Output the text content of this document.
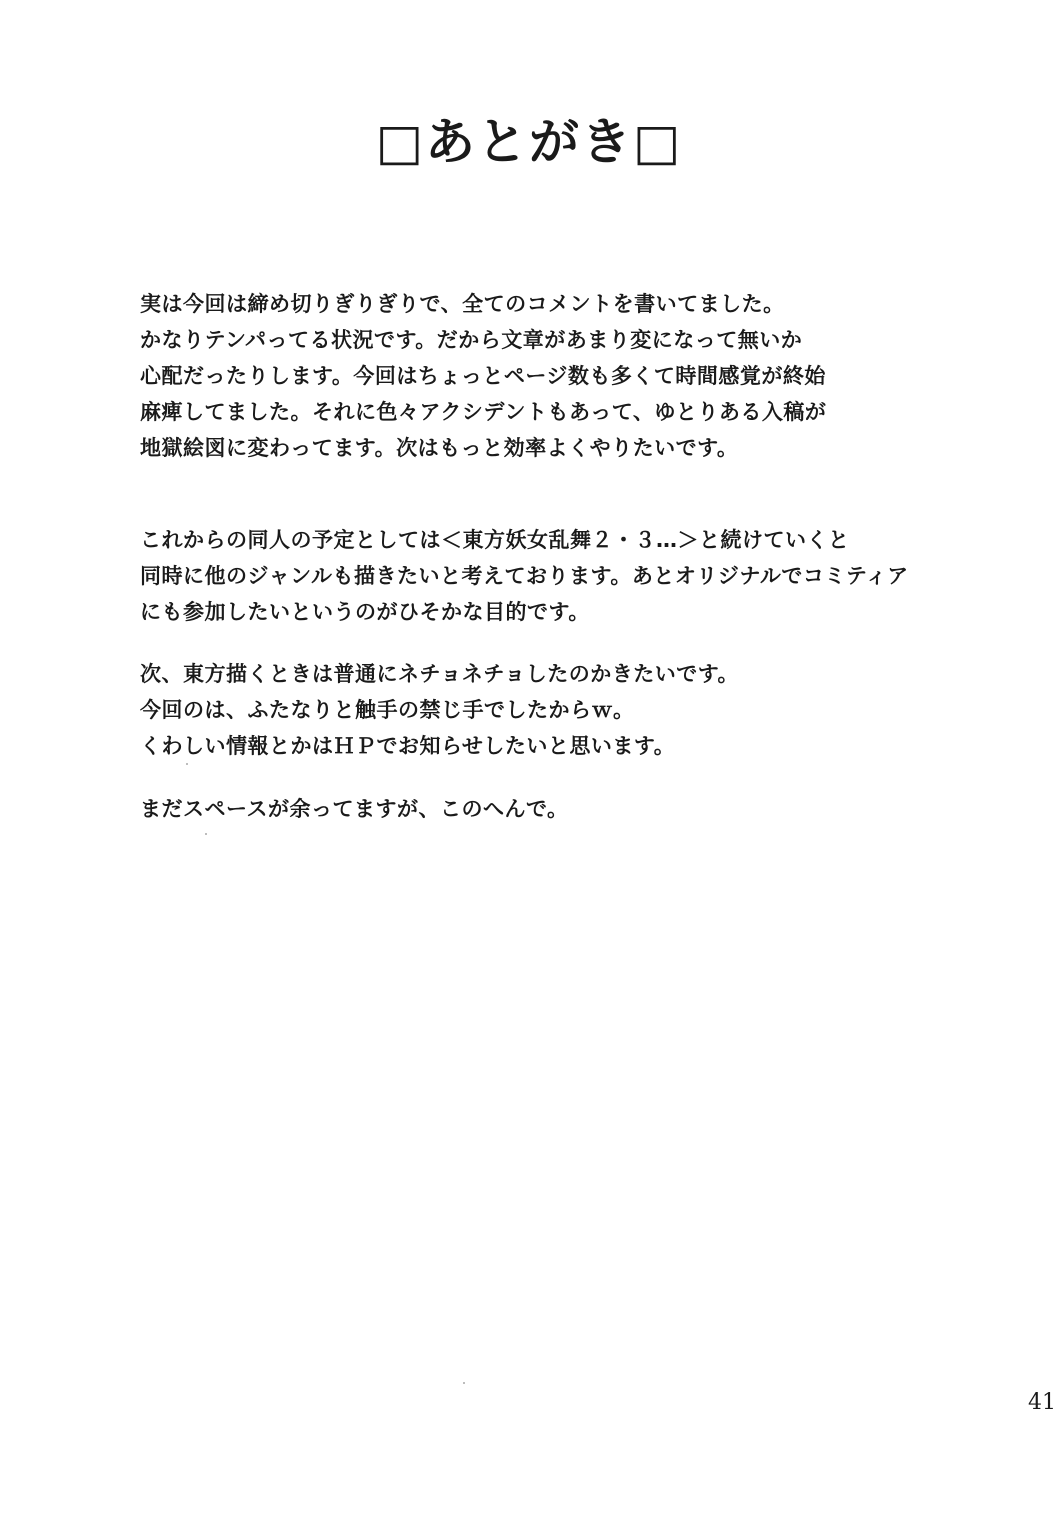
□あとがき□
実は今回は締め切りぎりぎりで、全てのコメントを書いてました。
かなりテンパってる状況です。だから文章があまり変になって無いか
心配だったりします。今回はちょっとページ数も多くて時間感覚が終始
麻痺してました。それに色々アクシデントもあって、ゆとりある入稿が
地獄絵図に変わってます。次はもっと効率よくやりたいです。
これからの同人の予定としては＜東方妖女乱舞２・３…＞と続けていくと
同時に他のジャンルも描きたいと考えております。あとオリジナルでコミティア
にも参加したいというのがひそかな目的です。
次、東方描くときは普通にネチョネチョしたのかきたいです。
今回のは、ふたなりと触手の禁じ手でしたからｗ。
くわしい情報とかはＨＰでお知らせしたいと思います。
まだスペースが余ってますが、このへんで。
41
